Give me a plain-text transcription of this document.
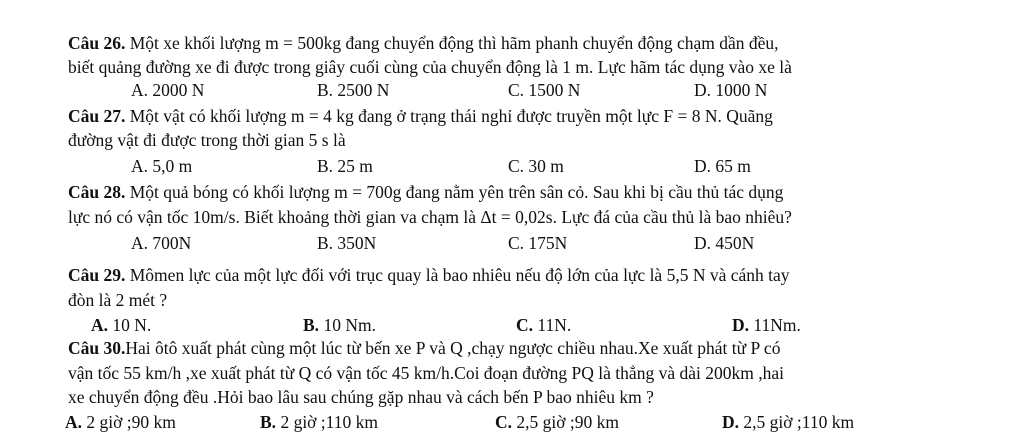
Câu 26. Một xe khối lượng m = 500kg đang chuyển động thì hãm phanh chuyển động chạm dần đều,
biết quảng đường xe đi được trong giây cuối cùng của chuyển động là 1 m. Lực hãm tác dụng vào xe là
A. 2000 N	B. 2500 N	C. 1500 N	D. 1000 N
Câu 27. Một vật có khối lượng m = 4 kg đang ở trạng thái nghỉ được truyền một lực F = 8 N. Quãng
đường vật đi được trong thời gian 5 s là
A. 5,0 m	B. 25 m	C. 30 m	D. 65 m
Câu 28. Một quả bóng có khối lượng m = 700g đang nằm yên trên sân cỏ. Sau khi bị cầu thủ tác dụng
lực nó có vận tốc 10m/s. Biết khoảng thời gian va chạm là Δt = 0,02s. Lực đá của cầu thủ là bao nhiêu?
A. 700N	B. 350N	C. 175N	D. 450N
Câu 29. Mômen lực của một lực đối với trục quay là bao nhiêu nếu độ lớn của lực là 5,5 N và cánh tay
đòn là 2 mét ?
A. 10 N.	B. 10 Nm.	C. 11N.	D. 11Nm.
Câu 30.Hai ôtô xuất phát cùng một lúc từ bến xe P và Q ,chạy ngược chiều nhau.Xe xuất phát từ P có
vận tốc 55 km/h ,xe xuất phát từ Q có vận tốc 45 km/h.Coi đoạn đường PQ là thẳng và dài 200km ,hai
xe chuyển động đều .Hỏi bao lâu sau chúng gặp nhau và cách bến P bao nhiêu km ?
A. 2 giờ ;90 km	B. 2 giờ ;110 km	C. 2,5 giờ ;90 km	D. 2,5 giờ ;110 km
